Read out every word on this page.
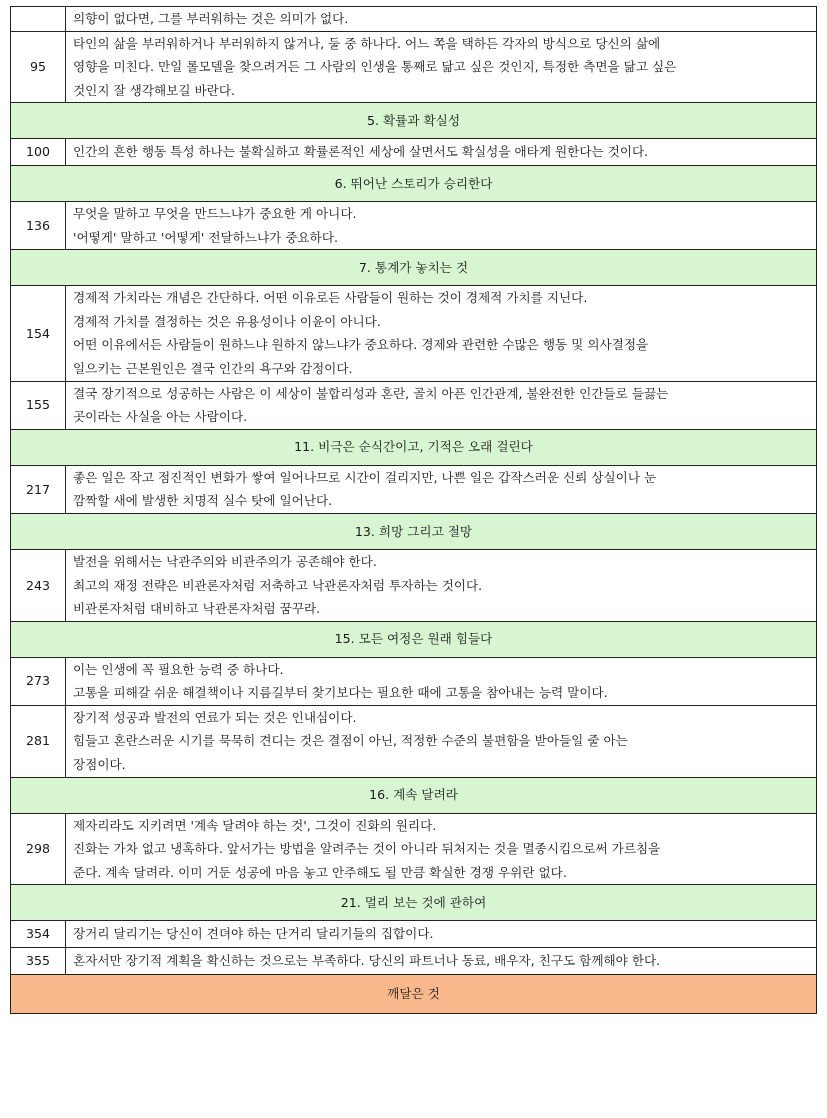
	의향이 없다면, 그를 부러워하는 것은 의미가 없다.

95	타인의 삶을 부러워하거나 부러워하지 않거나, 둘 중 하나다. 어느 쪽을 택하든 각자의 방식으로 당신의 삶에
영향을 미친다. 만일 롤모델을 찾으려거든 그 사람의 인생을 통째로 닮고 싶은 것인지, 특정한 측면을 닮고 싶은
것인지 잘 생각해보길 바란다.

5. 확률과 확실성	
100	인간의 흔한 행동 특성 하나는 불확실하고 확률론적인 세상에 살면서도 확실성을 애타게 원한다는 것이다.

6. 뛰어난 스토리가 승리한다	
136	무엇을 말하고 무엇을 만드느냐가 중요한 게 아니다.
'어떻게' 말하고 '어떻게' 전달하느냐가 중요하다.

7. 통계가 놓치는 것	
154	경제적 가치라는 개념은 간단하다. 어떤 이유로든 사람들이 원하는 것이 경제적 가치를 지닌다.
경제적 가치를 결정하는 것은 유용성이나 이윤이 아니다.
어떤 이유에서든 사람들이 원하느냐 원하지 않느냐가 중요하다. 경제와 관련한 수많은 행동 및 의사결정을
일으키는 근본원인은 결국 인간의 욕구와 감정이다.

155	결국 장기적으로 성공하는 사람은 이 세상이 불합리성과 혼란, 골치 아픈 인간관계, 불완전한 인간들로 들끓는
곳이라는 사실을 아는 사람이다.

11. 비극은 순식간이고, 기적은 오래 걸린다	
217	좋은 일은 작고 점진적인 변화가 쌓여 일어나므로 시간이 걸리지만, 나쁜 일은 갑작스러운 신뢰 상실이나 눈
깜짝할 새에 발생한 치명적 실수 탓에 일어난다.

13. 희망 그리고 절망	
243	발전을 위해서는 낙관주의와 비관주의가 공존해야 한다.
최고의 재정 전략은 비관론자처럼 저축하고 낙관론자처럼 투자하는 것이다.
비관론자처럼 대비하고 낙관론자처럼 꿈꾸라.

15. 모든 여정은 원래 힘들다	
273	이는 인생에 꼭 필요한 능력 중 하나다.
고통을 피해갈 쉬운 해결책이나 지름길부터 찾기보다는 필요한 때에 고통을 참아내는 능력 말이다.

281	장기적 성공과 발전의 연료가 되는 것은 인내심이다.
힘들고 혼란스러운 시기를 묵묵히 견디는 것은 결점이 아닌, 적정한 수준의 불편함을 받아들일 줄 아는
장점이다.

16. 계속 달려라	
298	제자리라도 지키려면 '계속 달려야 하는 것', 그것이 진화의 원리다.
진화는 가차 없고 냉혹하다. 앞서가는 방법을 알려주는 것이 아니라 뒤처지는 것을 멸종시킴으로써 가르침을
준다. 계속 달려라. 이미 거둔 성공에 마음 놓고 안주해도 될 만큼 확실한 경쟁 우위란 없다.

21. 멀리 보는 것에 관하여	
354	장거리 달리기는 당신이 견뎌야 하는 단거리 달리기들의 집합이다.

355	혼자서만 장기적 계획을 확신하는 것으로는 부족하다. 당신의 파트너나 동료, 배우자, 친구도 함께해야 한다.

깨달은 것	
